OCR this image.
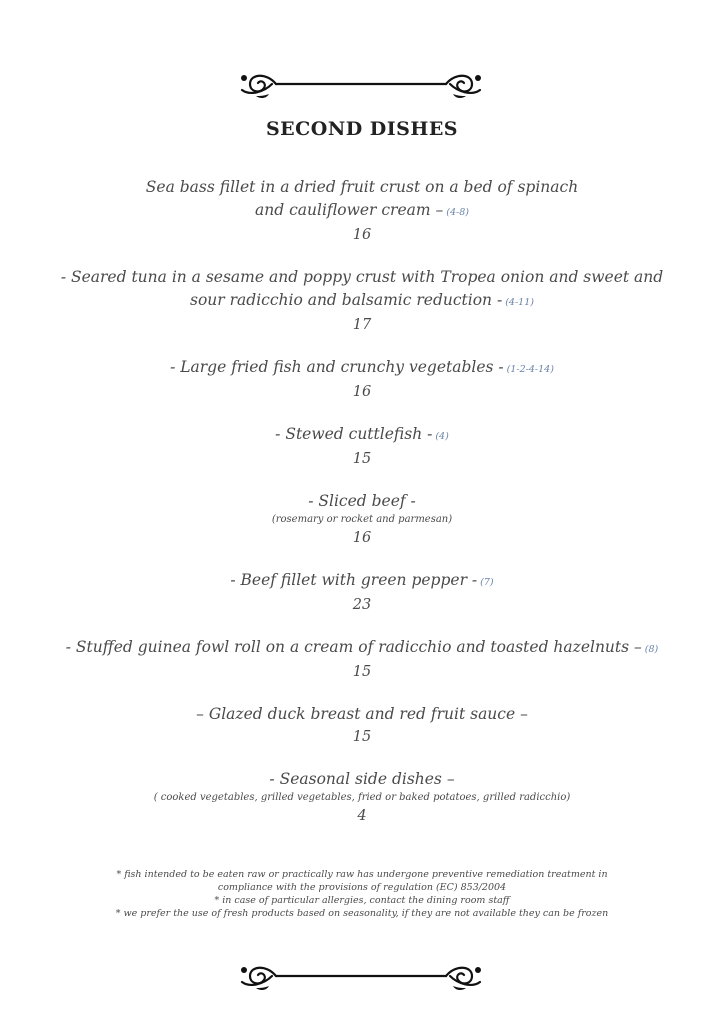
SECOND DISHES
Sea bass fillet in a dried fruit crust on a bed of spinach
and cauliflower cream – (4-8)
16
- Seared tuna in a sesame and poppy crust with Tropea onion and sweet and
sour radicchio and balsamic reduction - (4-11)
17
- Large fried fish and crunchy vegetables - (1-2-4-14)
16
- Stewed cuttlefish - (4)
15
- Sliced beef -
(rosemary or rocket and parmesan)
16
- Beef fillet with green pepper - (7)
23
- Stuffed guinea fowl roll on a cream of radicchio and toasted hazelnuts – (8)
15
– Glazed duck breast and red fruit sauce –
15
- Seasonal side dishes –
( cooked vegetables, grilled vegetables, fried or baked potatoes, grilled radicchio)
4
* fish intended to be eaten raw or practically raw has undergone preventive remediation treatment in
compliance with the provisions of regulation (EC) 853/2004
* in case of particular allergies, contact the dining room staff
* we prefer the use of fresh products based on seasonality, if they are not available they can be frozen
